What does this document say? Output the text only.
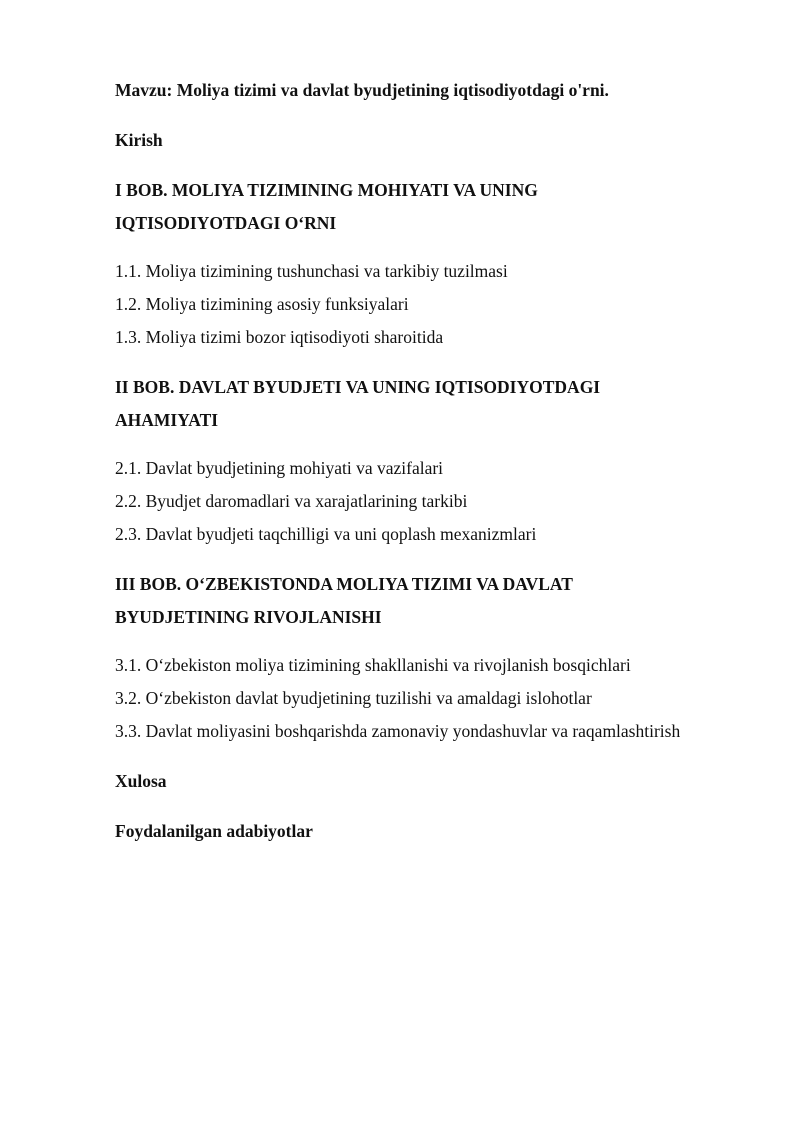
Mavzu: Moliya tizimi va davlat byudjetining iqtisodiyotdagi o'rni.

Kirish

I BOB. MOLIYA TIZIMINING MOHIYATI VA UNING

IQTISODIYOTDAGI O‘RNI

1.1. Moliya tizimining tushunchasi va tarkibiy tuzilmasi

1.2. Moliya tizimining asosiy funksiyalari

1.3. Moliya tizimi bozor iqtisodiyoti sharoitida

II BOB. DAVLAT BYUDJETI VA UNING IQTISODIYOTDAGI

AHAMIYATI

2.1. Davlat byudjetining mohiyati va vazifalari

2.2. Byudjet daromadlari va xarajatlarining tarkibi

2.3. Davlat byudjeti taqchilligi va uni qoplash mexanizmlari

III BOB. O‘ZBEKISTONDA MOLIYA TIZIMI VA DAVLAT

BYUDJETINING RIVOJLANISHI

3.1. O‘zbekiston moliya tizimining shakllanishi va rivojlanish bosqichlari

3.2. O‘zbekiston davlat byudjetining tuzilishi va amaldagi islohotlar

3.3. Davlat moliyasini boshqarishda zamonaviy yondashuvlar va raqamlashtirish

Xulosa

Foydalanilgan adabiyotlar
